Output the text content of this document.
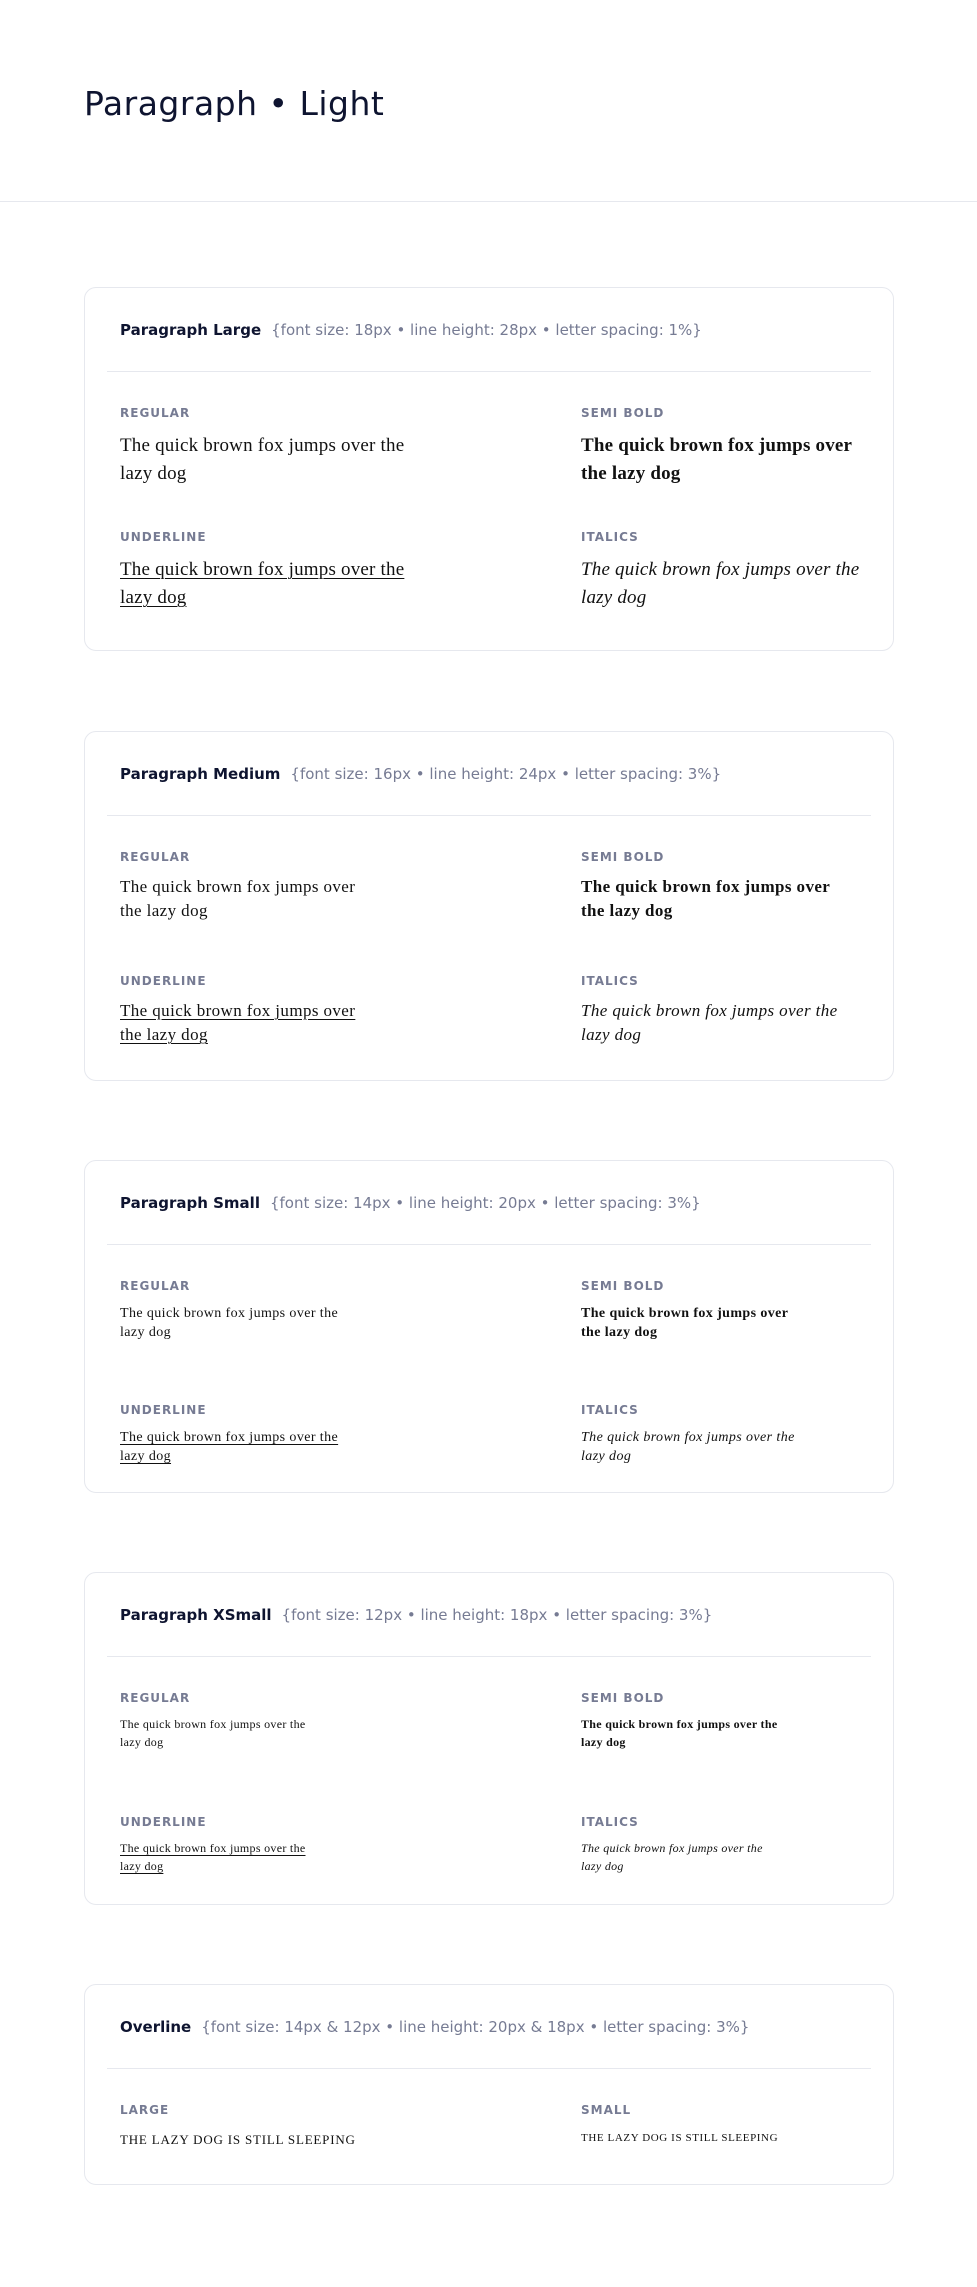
Paragraph • Light
Paragraph Large {font size: 18px • line height: 28px • letter spacing: 1%}
REGULAR
The quick brown fox jumps over the lazy dog
SEMI BOLD
The quick brown fox jumps over the lazy dog
UNDERLINE
The quick brown fox jumps over the lazy dog
ITALICS
The quick brown fox jumps over the lazy dog
Paragraph Medium {font size: 16px • line height: 24px • letter spacing: 3%}
REGULAR
The quick brown fox jumps over the lazy dog
SEMI BOLD
The quick brown fox jumps over the lazy dog
UNDERLINE
The quick brown fox jumps over the lazy dog
ITALICS
The quick brown fox jumps over the lazy dog
Paragraph Small {font size: 14px • line height: 20px • letter spacing: 3%}
REGULAR
The quick brown fox jumps over the lazy dog
SEMI BOLD
The quick brown fox jumps over the lazy dog
UNDERLINE
The quick brown fox jumps over the lazy dog
ITALICS
The quick brown fox jumps over the lazy dog
Paragraph XSmall {font size: 12px • line height: 18px • letter spacing: 3%}
REGULAR
The quick brown fox jumps over the lazy dog
SEMI BOLD
The quick brown fox jumps over the lazy dog
UNDERLINE
The quick brown fox jumps over the lazy dog
ITALICS
The quick brown fox jumps over the lazy dog
Overline {font size: 14px & 12px • line height: 20px & 18px • letter spacing: 3%}
LARGE
THE LAZY DOG IS STILL SLEEPING
SMALL
THE LAZY DOG IS STILL SLEEPING
